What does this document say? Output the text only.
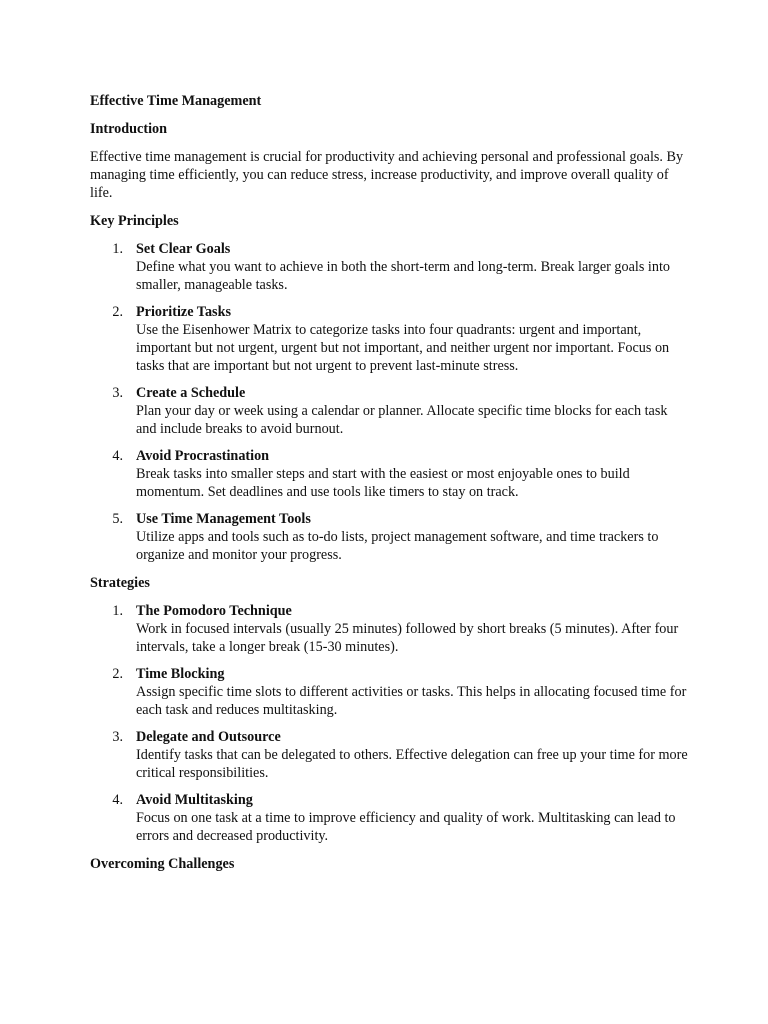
Effective Time Management
Introduction

Effective time management is crucial for productivity and achieving personal and professional goals. By managing time efficiently, you can reduce stress, increase productivity, and improve overall quality of life.

Key Principles
1. Set Clear Goals
Define what you want to achieve in both the short-term and long-term. Break larger goals into smaller, manageable tasks.
2. Prioritize Tasks
Use the Eisenhower Matrix to categorize tasks into four quadrants: urgent and important, important but not urgent, urgent but not important, and neither urgent nor important. Focus on tasks that are important but not urgent to prevent last-minute stress.
3. Create a Schedule
Plan your day or week using a calendar or planner. Allocate specific time blocks for each task and include breaks to avoid burnout.
4. Avoid Procrastination
Break tasks into smaller steps and start with the easiest or most enjoyable ones to build momentum. Set deadlines and use tools like timers to stay on track.
5. Use Time Management Tools
Utilize apps and tools such as to-do lists, project management software, and time trackers to organize and monitor your progress.
Strategies
1. The Pomodoro Technique
Work in focused intervals (usually 25 minutes) followed by short breaks (5 minutes). After four intervals, take a longer break (15-30 minutes).
2. Time Blocking
Assign specific time slots to different activities or tasks. This helps in allocating focused time for each task and reduces multitasking.
3. Delegate and Outsource
Identify tasks that can be delegated to others. Effective delegation can free up your time for more critical responsibilities.
4. Avoid Multitasking
Focus on one task at a time to improve efficiency and quality of work. Multitasking can lead to errors and decreased productivity.
Overcoming Challenges
